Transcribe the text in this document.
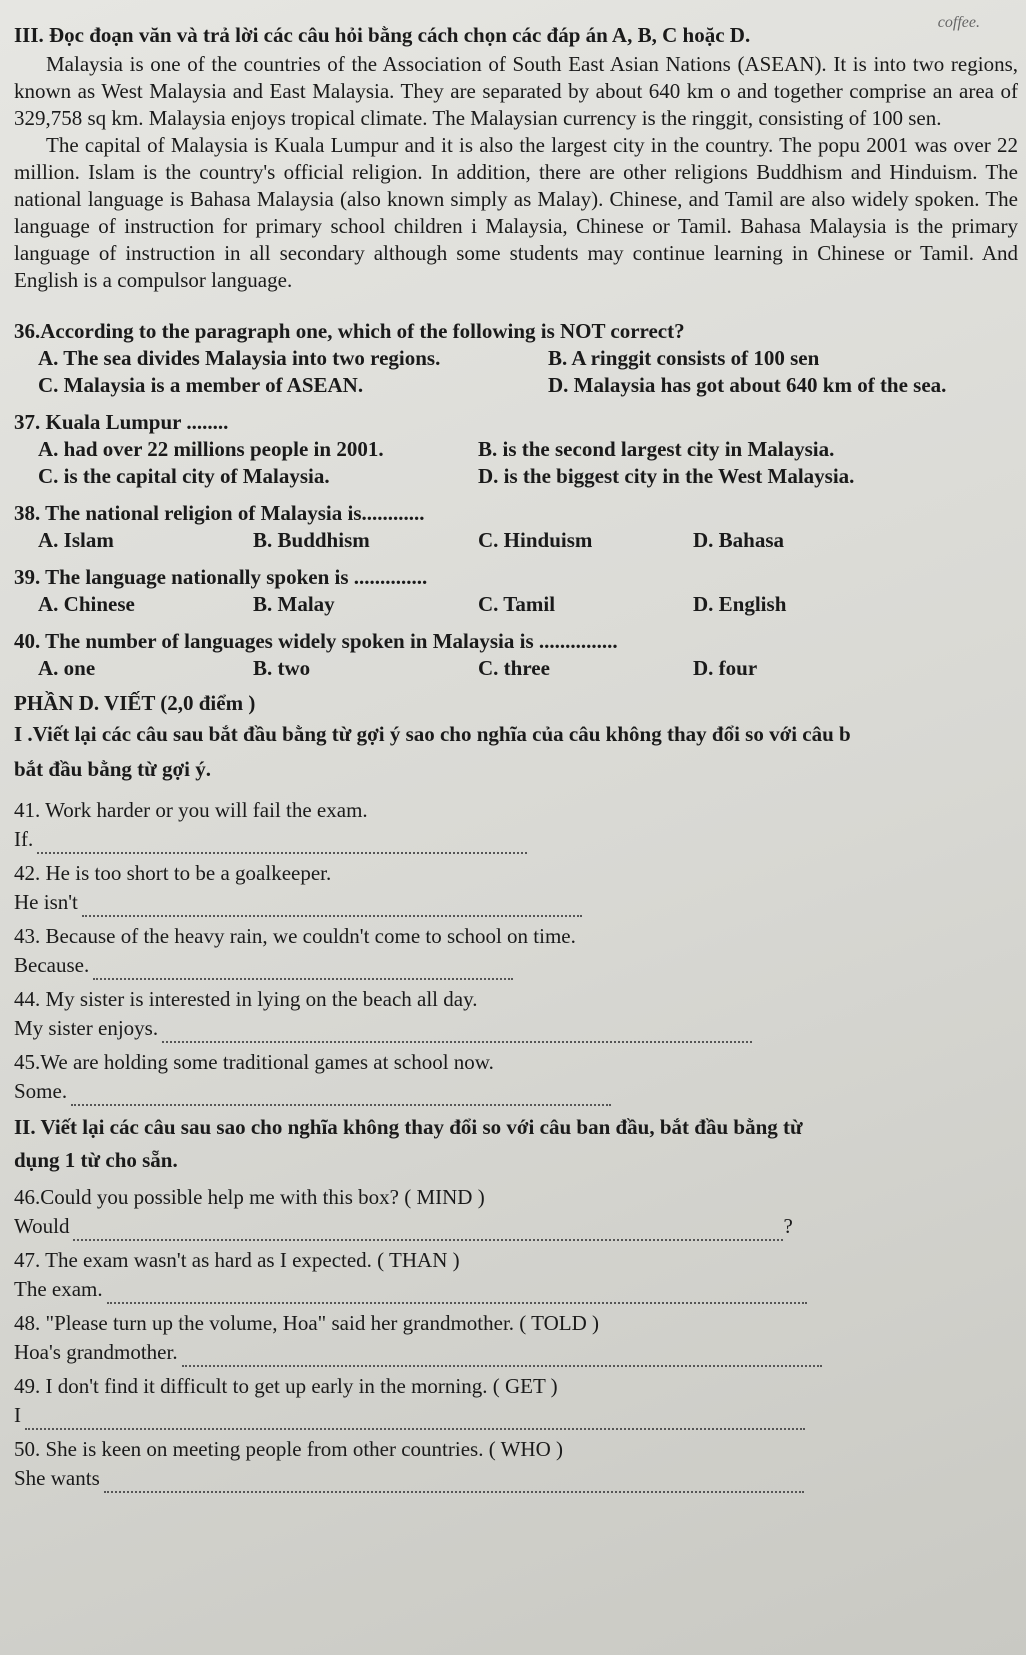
coffee.
III. Đọc đoạn văn và trả lời các câu hỏi bằng cách chọn các đáp án A, B, C hoặc D.

Malaysia is one of the countries of the Association of South East Asian Nations (ASEAN). It is into two regions, known as West Malaysia and East Malaysia. They are separated by about 640 km o and together comprise an area of 329,758 sq km. Malaysia enjoys tropical climate. The Malaysian currency is the ringgit, consisting of 100 sen.

The capital of Malaysia is Kuala Lumpur and it is also the largest city in the country. The popu 2001 was over 22 million. Islam is the country's official religion. In addition, there are other religions Buddhism and Hinduism. The national language is Bahasa Malaysia (also known simply as Malay). Chinese, and Tamil are also widely spoken. The language of instruction for primary school children i Malaysia, Chinese or Tamil. Bahasa Malaysia is the primary language of instruction in all secondary although some students may continue learning in Chinese or Tamil. And English is a compulsor language.

36.According to the paragraph one, which of the following is NOT correct?
A. The sea divides Malaysia into two regions.	B. A ringgit consists of 100 sen
C. Malaysia is a member of ASEAN.	D. Malaysia has got about 640 km of the sea.
37. Kuala Lumpur ........
A. had over 22 millions people in 2001.	B. is the second largest city in Malaysia.
C. is the capital city of Malaysia.	D. is the biggest city in the West Malaysia.
38. The national religion of Malaysia is............
A. Islam	B. Buddhism	C. Hinduism	D. Bahasa
39. The language nationally spoken is ..............
A. Chinese	B. Malay	C. Tamil	D. English
40. The number of languages widely spoken in Malaysia is ...............
A. one	B. two	C. three	D. four
PHẦN D. VIẾT (2,0 điểm )
I .Viết lại các câu sau bắt đầu bằng từ gợi ý sao cho nghĩa của câu không thay đổi so với câu b
bắt đầu bằng từ gợi ý.
41. Work harder or you will fail the exam.
If.
42. He is too short to be a goalkeeper.
He isn't
43. Because of the heavy rain, we couldn't come to school on time.
Because.
44. My sister is interested in lying on the beach all day.
My sister enjoys.
45.We are holding some traditional games at school now.
Some.
II. Viết lại các câu sau sao cho nghĩa không thay đổi so với câu ban đầu, bắt đầu bằng từ
dụng 1 từ cho sẵn.
46.Could you possible help me with this box? ( MIND )
Would	?
47. The exam wasn't as hard as I expected. ( THAN )
The exam.
48. "Please turn up the volume, Hoa" said her grandmother. ( TOLD )
Hoa's grandmother.
49. I don't find it difficult to get up early in the morning. ( GET )
I
50. She is keen on meeting people from other countries. ( WHO )
She wants
